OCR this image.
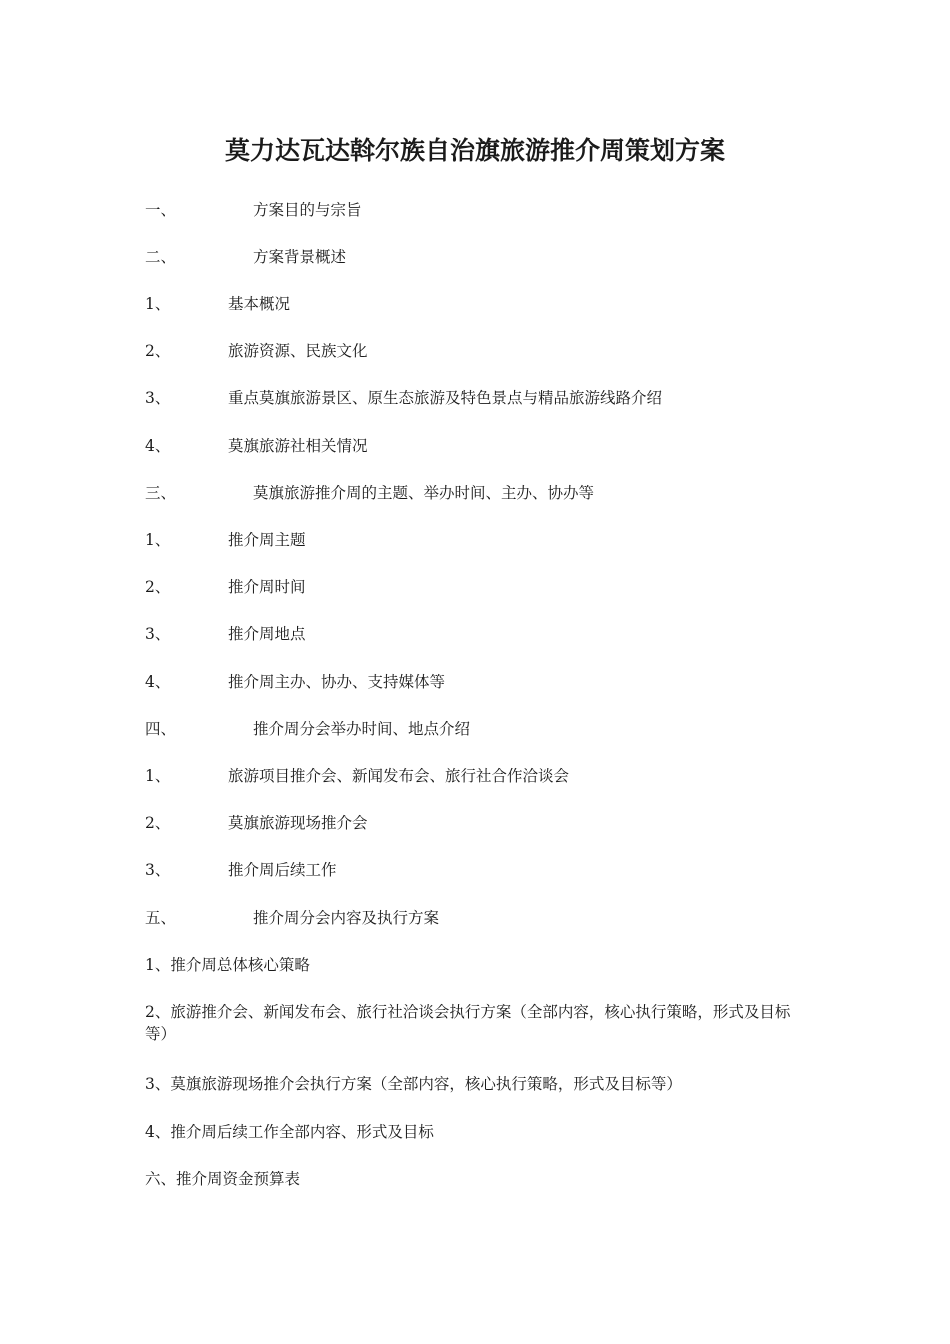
莫力达瓦达斡尔族自治旗旅游推介周策划方案
一、	方案目的与宗旨
二、	方案背景概述
1、	基本概况
2、	旅游资源、民族文化
3、	重点莫旗旅游景区、原生态旅游及特色景点与精品旅游线路介绍
4、	莫旗旅游社相关情况
三、	莫旗旅游推介周的主题、举办时间、主办、协办等
1、	推介周主题
2、	推介周时间
3、	推介周地点
4、	推介周主办、协办、支持媒体等
四、	推介周分会举办时间、地点介绍
1、	旅游项目推介会、新闻发布会、旅行社合作洽谈会
2、	莫旗旅游现场推介会
3、	推介周后续工作
五、	推介周分会内容及执行方案
1、推介周总体核心策略
2、旅游推介会、新闻发布会、旅行社洽谈会执行方案（全部内容，核心执行策略，形式及目标等）
3、莫旗旅游现场推介会执行方案（全部内容，核心执行策略，形式及目标等）
4、推介周后续工作全部内容、形式及目标
六、推介周资金预算表
